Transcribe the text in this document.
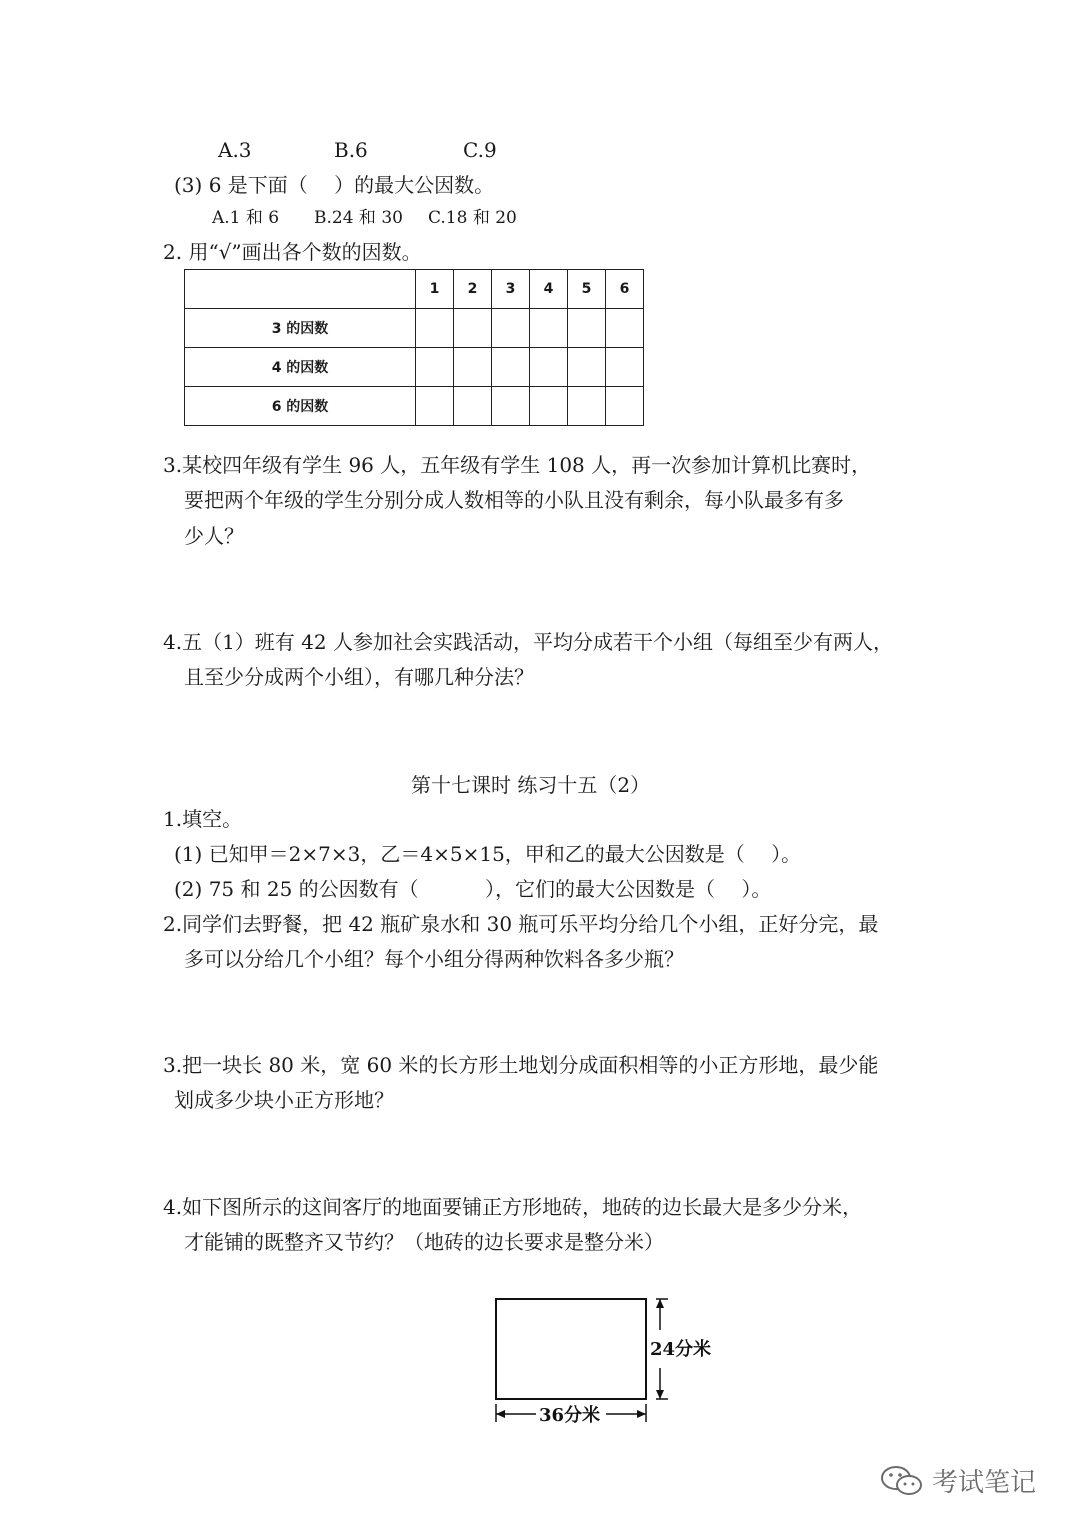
A.3	B.6	C.9
(3) 6 是下面（　 ）的最大公因数。
A.1 和 6 B.24 和 30 C.18 和 20
2. 用“√”画出各个数的因数。
	1	2	3	4	5	6
3 的因数						
4 的因数						
6 的因数						
3.某校四年级有学生 96 人，五年级有学生 108 人，再一次参加计算机比赛时，
要把两个年级的学生分别分成人数相等的小队且没有剩余，每小队最多有多
少人？
4.五（1）班有 42 人参加社会实践活动，平均分成若干个小组（每组至少有两人，
且至少分成两个小组），有哪几种分法？
第十七课时 练习十五（2）
1.填空。
(1) 已知甲＝2×7×3，乙＝4×5×15，甲和乙的最大公因数是（　 ）。
(2) 75 和 25 的公因数有（　　　 ），它们的最大公因数是（　 ）。
2.同学们去野餐，把 42 瓶矿泉水和 30 瓶可乐平均分给几个小组，正好分完，最
多可以分给几个小组？每个小组分得两种饮料各多少瓶？
3.把一块长 80 米，宽 60 米的长方形土地划分成面积相等的小正方形地，最少能
划成多少块小正方形地？
4.如下图所示的这间客厅的地面要铺正方形地砖，地砖的边长最大是多少分米，
才能铺的既整齐又节约？（地砖的边长要求是整分米）
24分米
36分米
考试笔记
